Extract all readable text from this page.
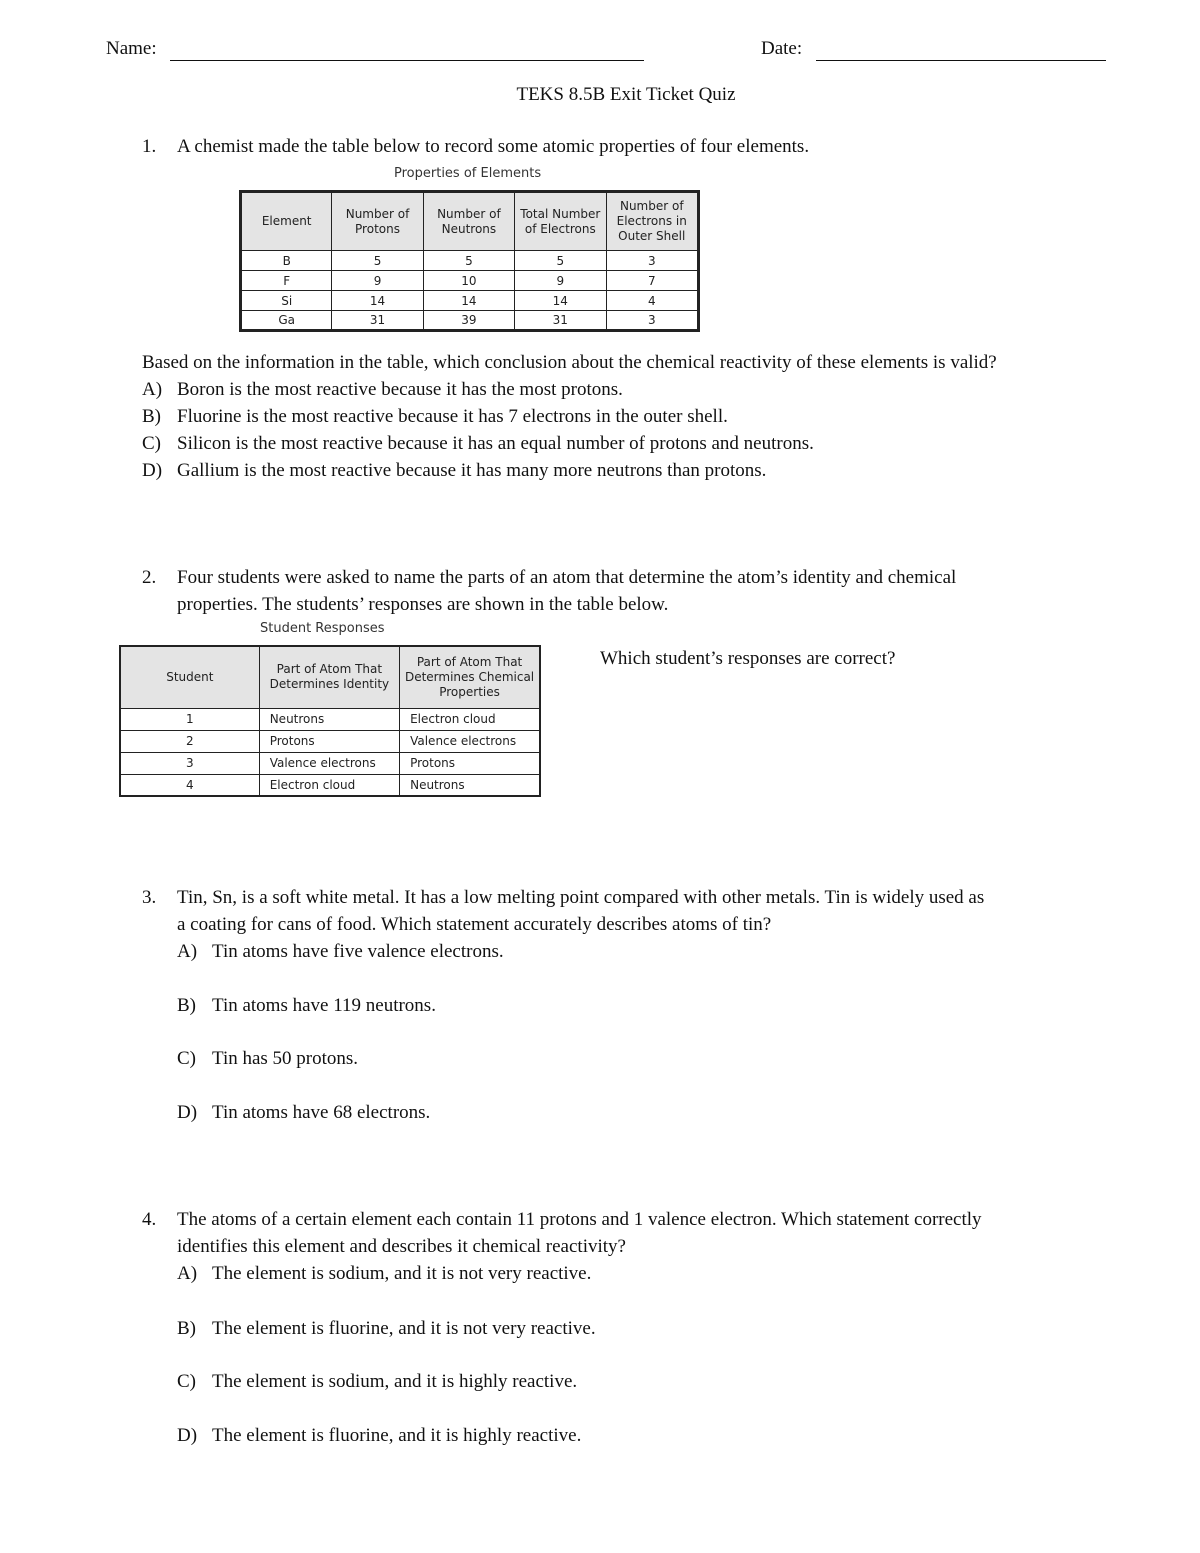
Name:	Date:
TEKS 8.5B Exit Ticket Quiz
1. A chemist made the table below to record some atomic properties of four elements.
Properties of Elements
Element	Number of Protons	Number of Neutrons	Total Number of Electrons	Number of Electrons in Outer Shell
B	5	5	5	3
F	9	10	9	7
Si	14	14	14	4
Ga	31	39	31	3
Based on the information in the table, which conclusion about the chemical reactivity of these elements is valid?
A) Boron is the most reactive because it has the most protons.
B) Fluorine is the most reactive because it has 7 electrons in the outer shell.
C) Silicon is the most reactive because it has an equal number of protons and neutrons.
D) Gallium is the most reactive because it has many more neutrons than protons.
2. Four students were asked to name the parts of an atom that determine the atom’s identity and chemical
properties. The students’ responses are shown in the table below.
Student Responses
Student	Part of Atom That Determines Identity	Part of Atom That Determines Chemical Properties
1	Neutrons	Electron cloud
2	Protons	Valence electrons
3	Valence electrons	Protons
4	Electron cloud	Neutrons
Which student’s responses are correct?
3. Tin, Sn, is a soft white metal. It has a low melting point compared with other metals. Tin is widely used as
a coating for cans of food. Which statement accurately describes atoms of tin?
A) Tin atoms have five valence electrons.
B) Tin atoms have 119 neutrons.
C) Tin has 50 protons.
D) Tin atoms have 68 electrons.
4. The atoms of a certain element each contain 11 protons and 1 valence electron. Which statement correctly
identifies this element and describes it chemical reactivity?
A) The element is sodium, and it is not very reactive.
B) The element is fluorine, and it is not very reactive.
C) The element is sodium, and it is highly reactive.
D) The element is fluorine, and it is highly reactive.
